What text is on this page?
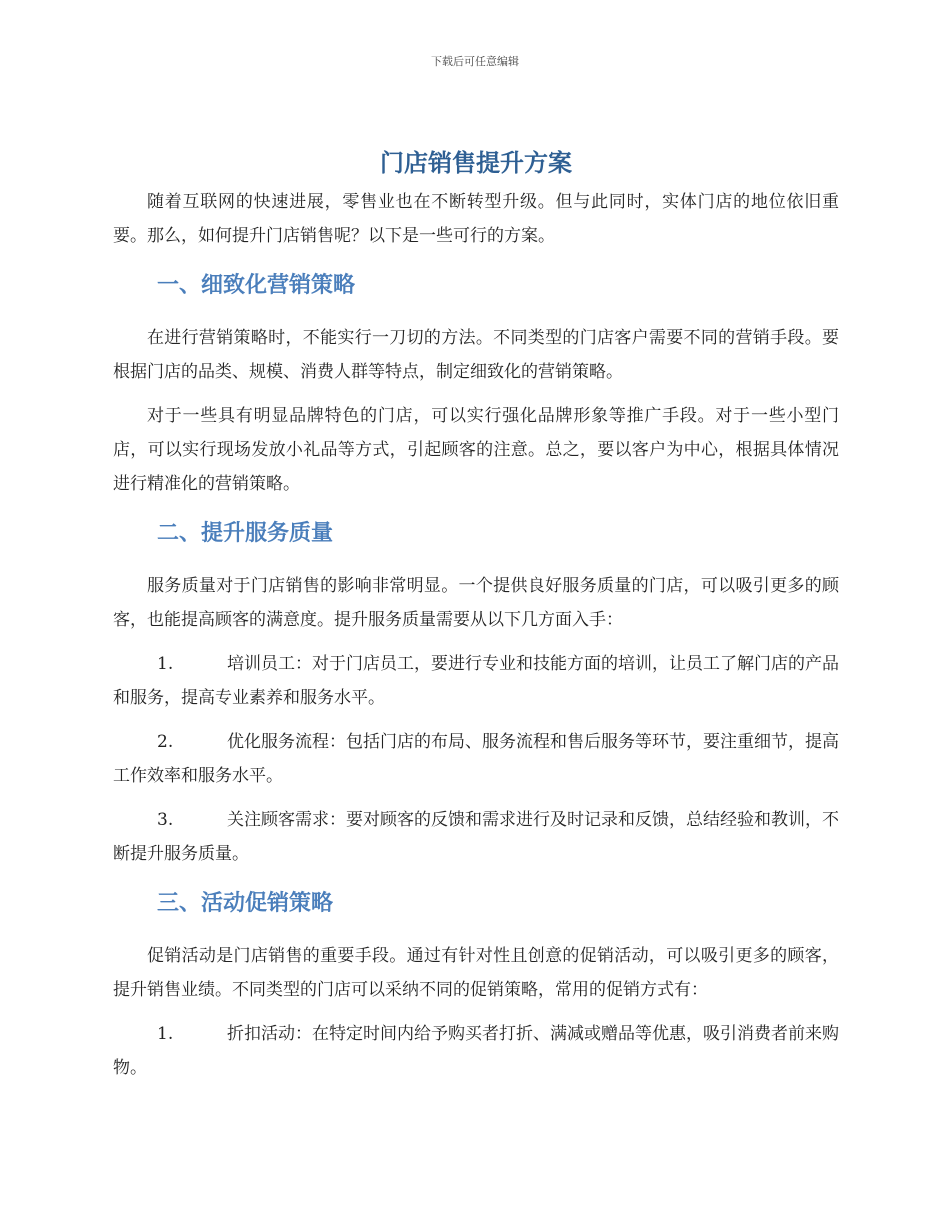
下载后可任意编辑
门店销售提升方案

随着互联网的快速进展，零售业也在不断转型升级。但与此同时，实体门店的地位依旧重要。那么，如何提升门店销售呢？以下是一些可行的方案。

一、细致化营销策略

在进行营销策略时，不能实行一刀切的方法。不同类型的门店客户需要不同的营销手段。要根据门店的品类、规模、消费人群等特点，制定细致化的营销策略。

对于一些具有明显品牌特色的门店，可以实行强化品牌形象等推广手段。对于一些小型门店，可以实行现场发放小礼品等方式，引起顾客的注意。总之，要以客户为中心，根据具体情况进行精准化的营销策略。

二、提升服务质量

服务质量对于门店销售的影响非常明显。一个提供良好服务质量的门店，可以吸引更多的顾客，也能提高顾客的满意度。提升服务质量需要从以下几方面入手：

1.	培训员工：对于门店员工，要进行专业和技能方面的培训，让员工了解门店的产品和服务，提高专业素养和服务水平。

2.	优化服务流程：包括门店的布局、服务流程和售后服务等环节，要注重细节，提高工作效率和服务水平。

3.	关注顾客需求：要对顾客的反馈和需求进行及时记录和反馈，总结经验和教训，不断提升服务质量。

三、活动促销策略

促销活动是门店销售的重要手段。通过有针对性且创意的促销活动，可以吸引更多的顾客，提升销售业绩。不同类型的门店可以采纳不同的促销策略，常用的促销方式有：

1.	折扣活动：在特定时间内给予购买者打折、满减或赠品等优惠，吸引消费者前来购物。
